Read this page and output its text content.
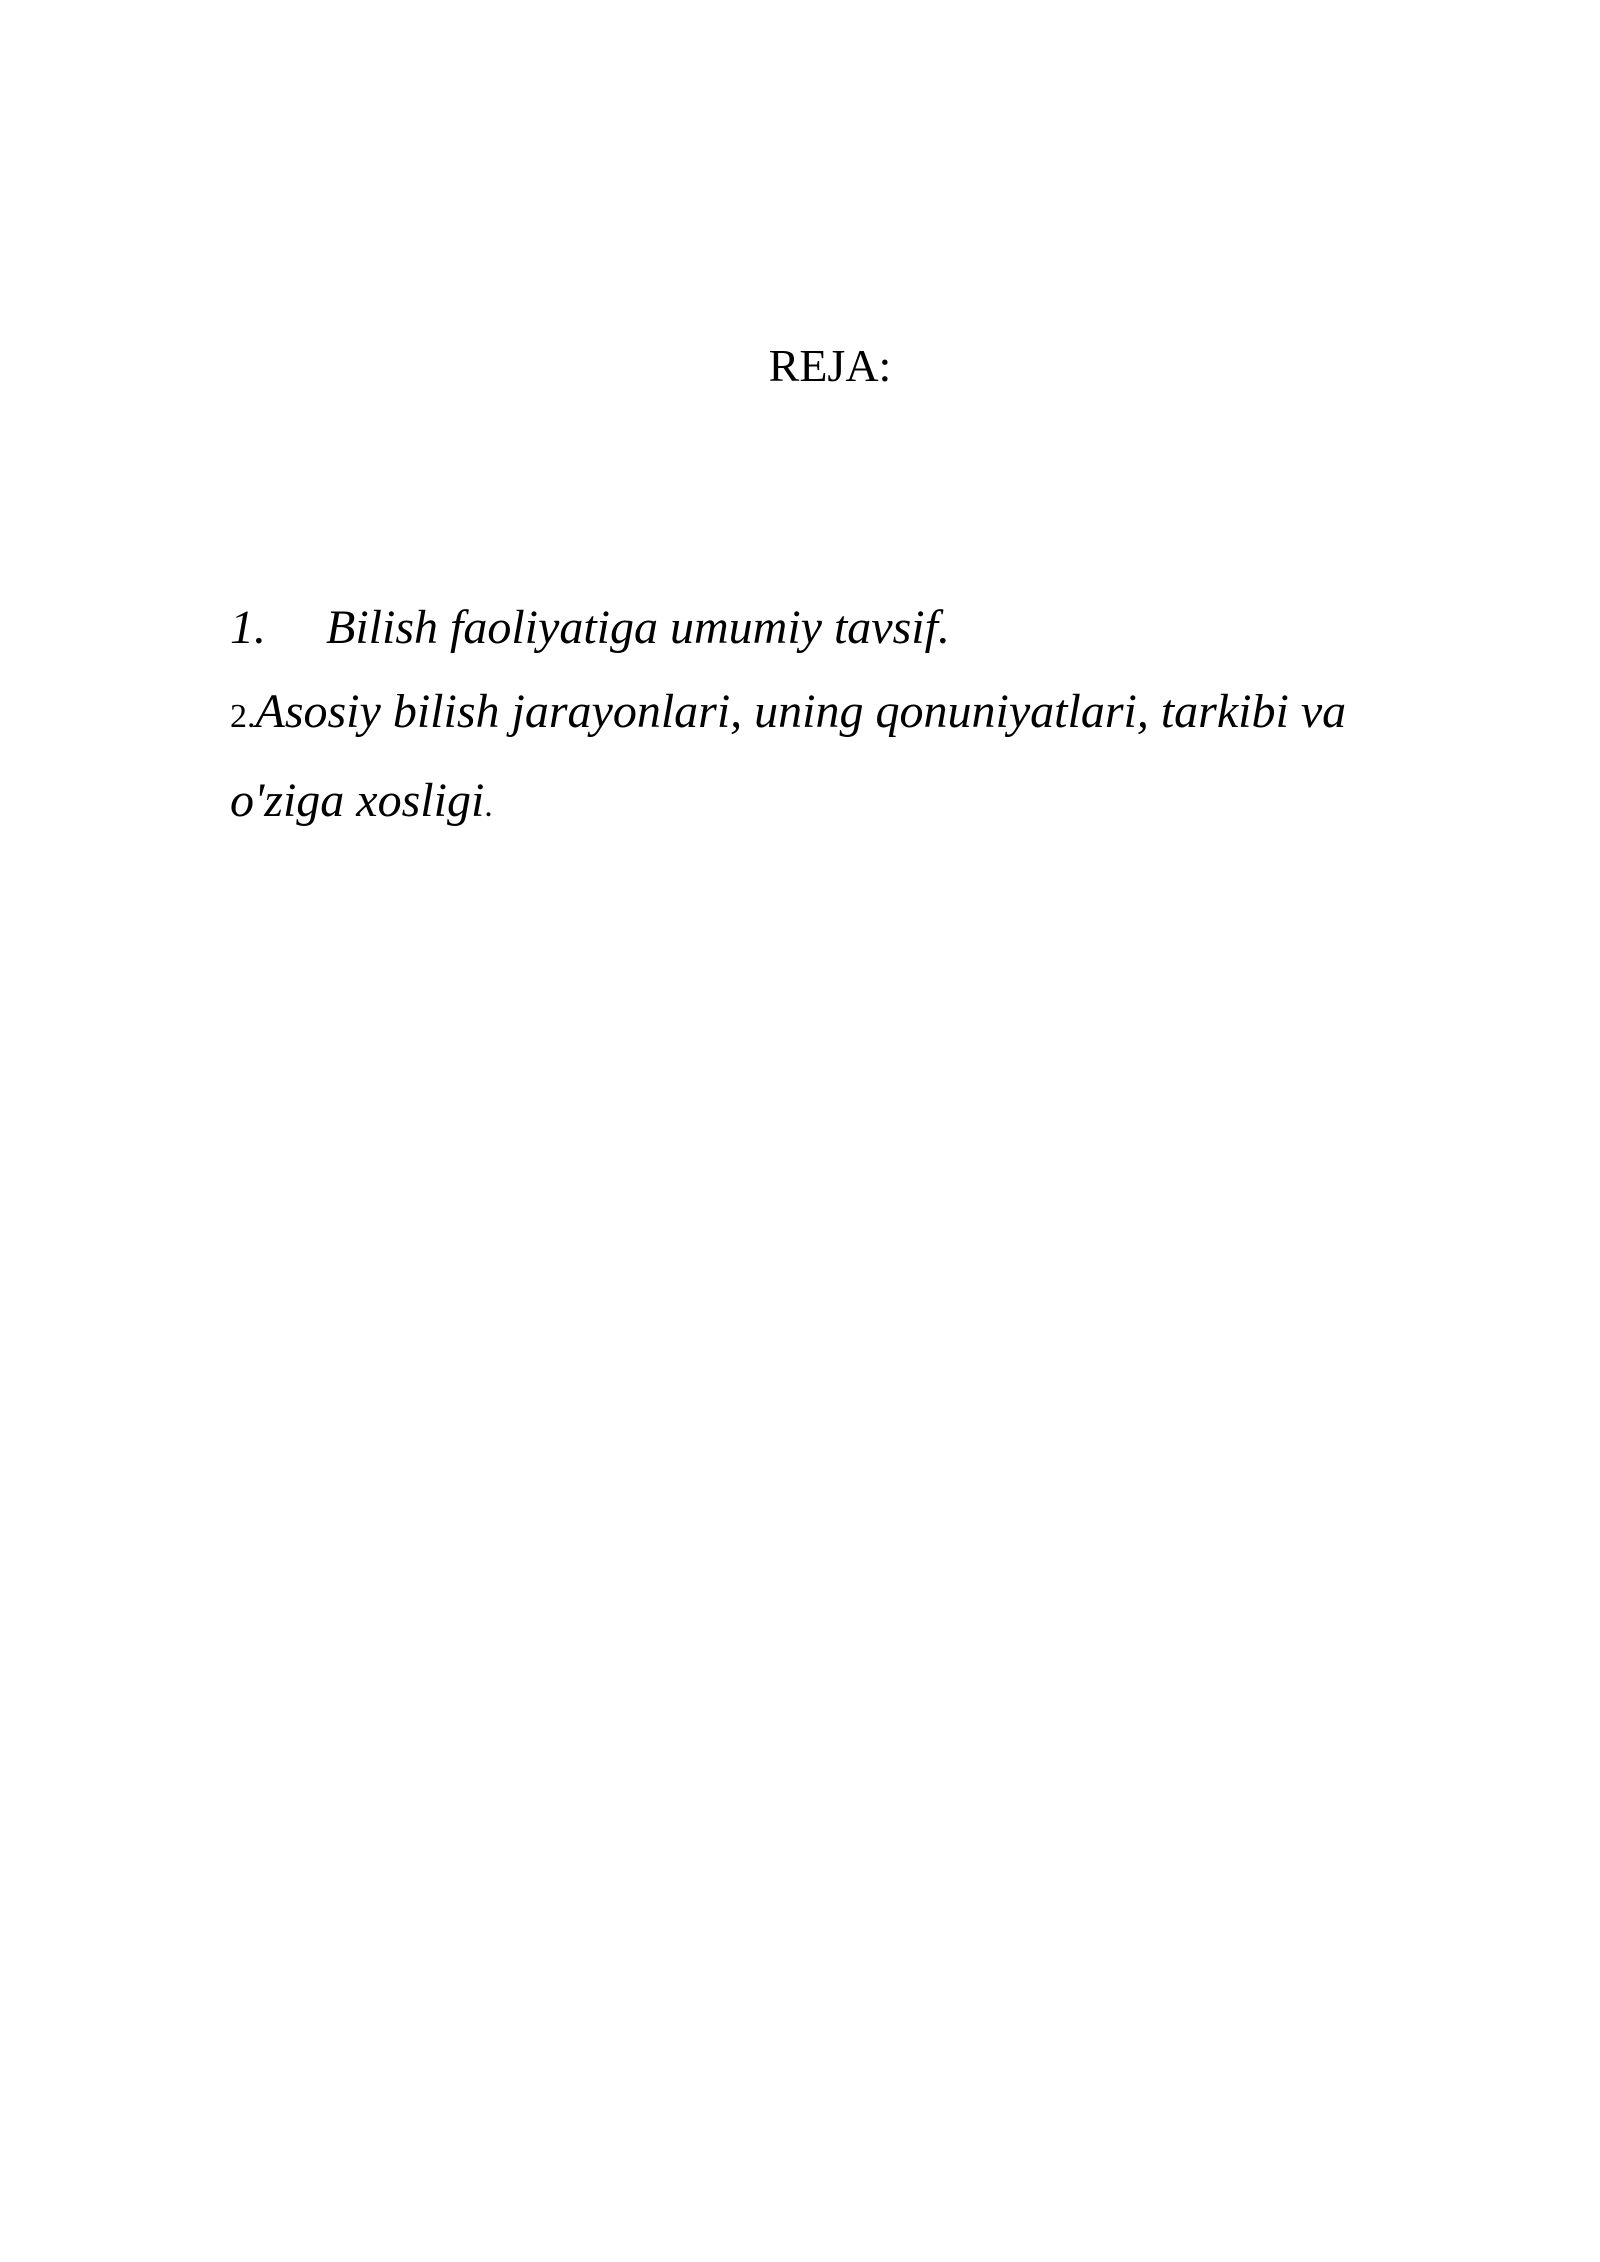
REJA:

1. Bilish faoliyatiga umumiy tavsif.

2.Asosiy bilish jarayonlari, uning qonuniyatlari, tarkibi va o'ziga xosligi.
